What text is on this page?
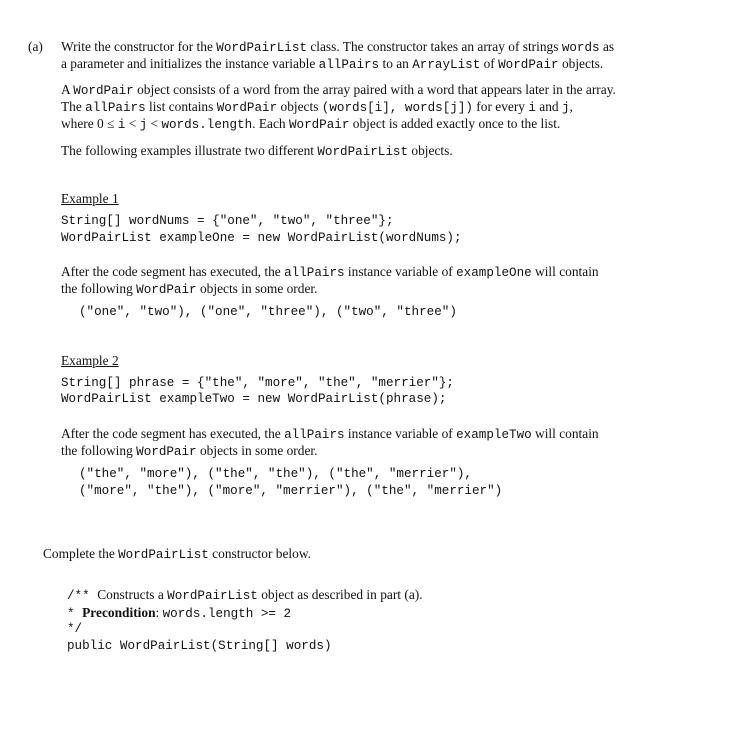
(a) Write the constructor for the WordPairList class. The constructor takes an array of strings words as
a parameter and initializes the instance variable allPairs to an ArrayList of WordPair objects.
A WordPair object consists of a word from the array paired with a word that appears later in the array.
The allPairs list contains WordPair objects (words[i], words[j]) for every i and j,
where 0 ≤ i < j < words.length. Each WordPair object is added exactly once to the list.
The following examples illustrate two different WordPairList objects.
Example 1
String[] wordNums = {"one", "two", "three"};
WordPairList exampleOne = new WordPairList(wordNums);
After the code segment has executed, the allPairs instance variable of exampleOne will contain
the following WordPair objects in some order.
("one", "two"), ("one", "three"), ("two", "three")
Example 2
String[] phrase = {"the", "more", "the", "merrier"};
WordPairList exampleTwo = new WordPairList(phrase);
After the code segment has executed, the allPairs instance variable of exampleTwo will contain
the following WordPair objects in some order.
("the", "more"), ("the", "the"), ("the", "merrier"),
("more", "the"), ("more", "merrier"), ("the", "merrier")
Complete the WordPairList constructor below.
/** Constructs a WordPairList object as described in part (a).
* Precondition: words.length >= 2
*/
public WordPairList(String[] words)
